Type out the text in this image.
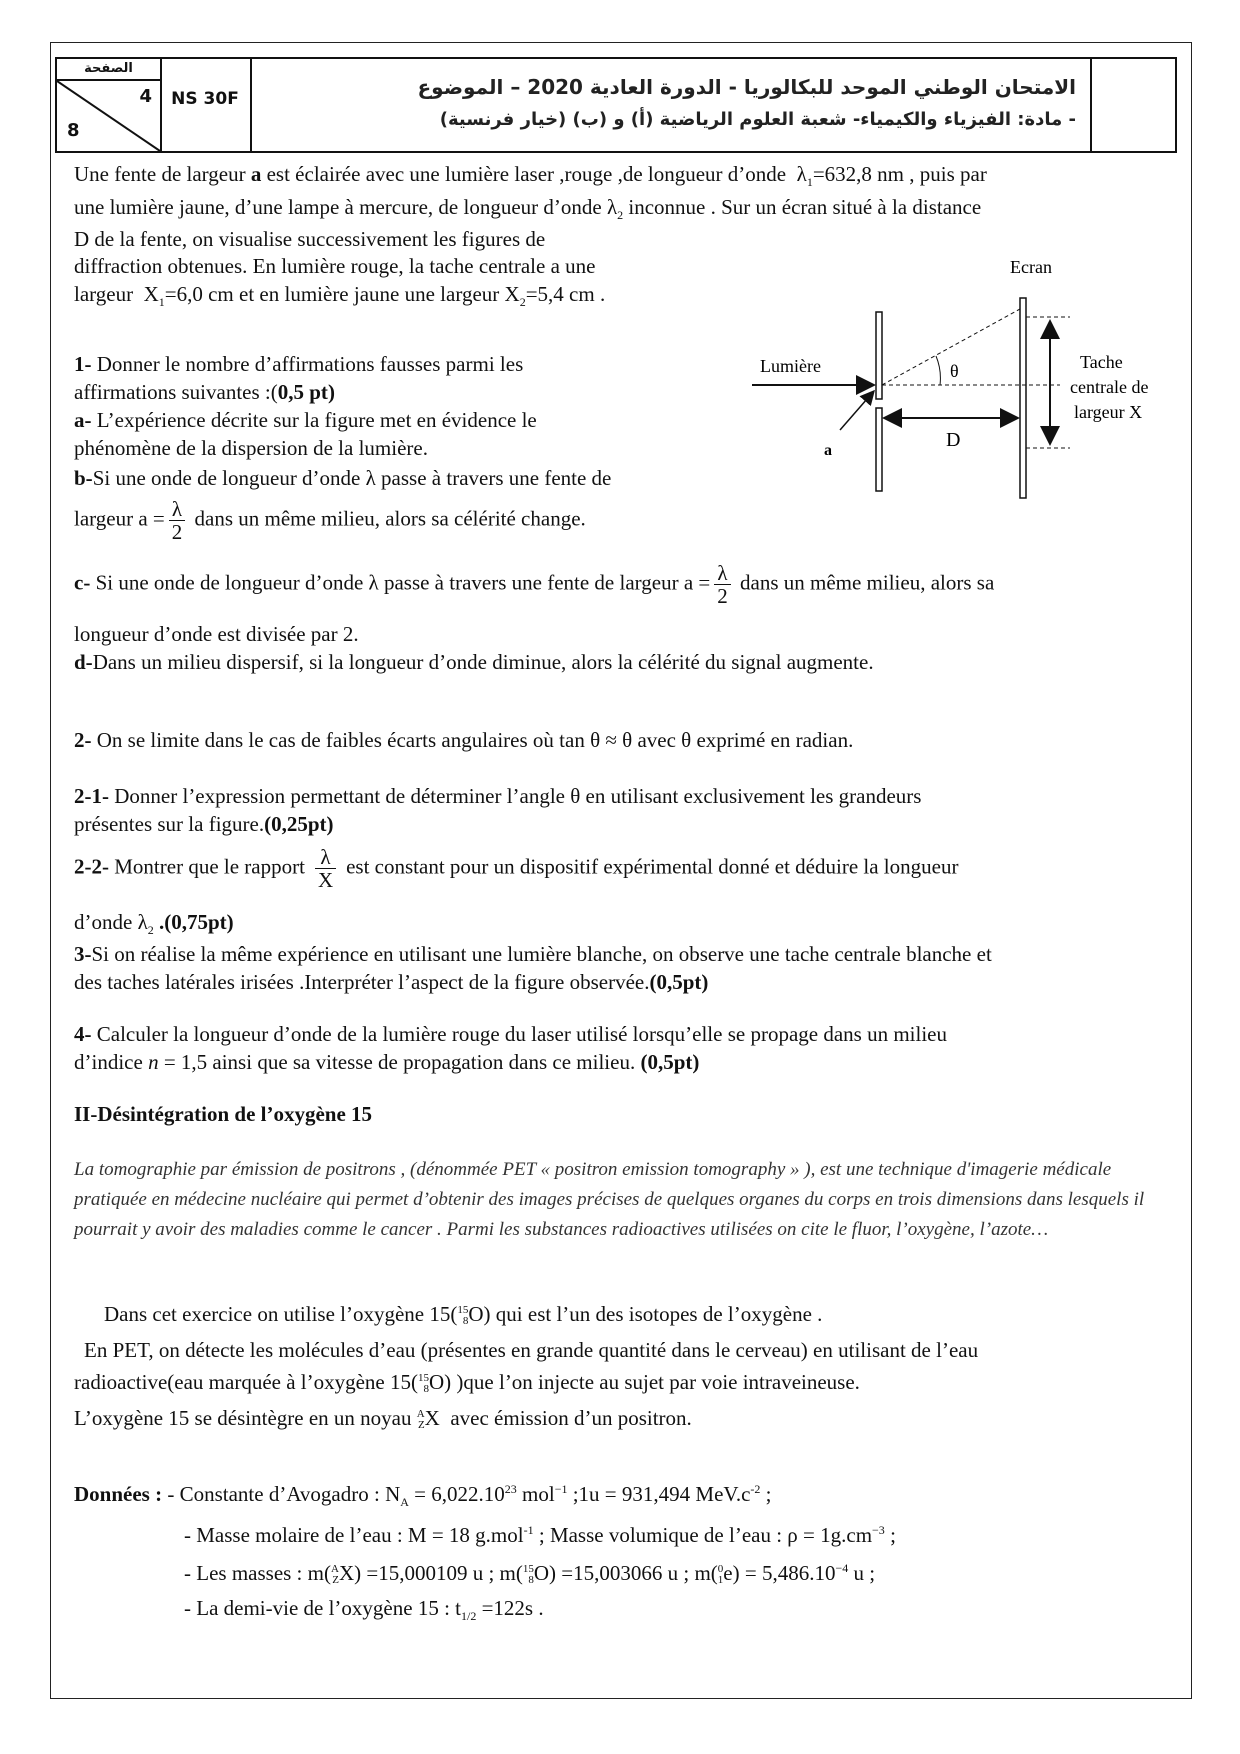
الصفحة
4
8
NS 30F	الامتحان الوطني الموحد للبكالوريا - الدورة العادية 2020 – الموضوع
- مادة: الفيزياء والكيمياء- شعبة العلوم الرياضية (أ) و (ب) (خيار فرنسية)
Une fente de largeur a est éclairée avec une lumière laser ,rouge ,de longueur d’onde $\lambda_1=632,8$ nm , puis par
une lumière jaune, d’une lampe à mercure, de longueur d’onde $\lambda_2$ inconnue . Sur un écran situé à la distance
D de la fente, on visualise successivement les figures de
diffraction obtenues. En lumière rouge, la tache centrale a une
largeur $X_1=6,0$ cm et en lumière jaune une largeur $X_2=5,4$ cm .
Ecran
Lumière	θ	Tache
centrale de
largeur X
D
a
1- Donner le nombre d’affirmations fausses parmi les
affirmations suivantes :(0,5 pt)
a- L’expérience décrite sur la figure met en évidence le
phénomène de la dispersion de la lumière.
b-Si une onde de longueur d’onde λ passe à travers une fente de
largeur $a = \frac{\lambda}{2}$ dans un même milieu, alors sa célérité change.
c- Si une onde de longueur d’onde λ passe à travers une fente de largeur $a = \frac{\lambda}{2}$ dans un même milieu, alors sa
longueur d’onde est divisée par 2.
d-Dans un milieu dispersif, si la longueur d’onde diminue, alors la célérité du signal augmente.
2- On se limite dans le cas de faibles écarts angulaires où tan θ ≈ θ avec θ exprimé en radian.
2-1- Donner l’expression permettant de déterminer l’angle θ en utilisant exclusivement les grandeurs
présentes sur la figure.(0,25pt)
2-2- Montrer que le rapport $\frac{\lambda}{X}$ est constant pour un dispositif expérimental donné et déduire la longueur
d’onde $\lambda_2$ .(0,75pt)
3-Si on réalise la même expérience en utilisant une lumière blanche, on observe une tache centrale blanche et
des taches latérales irisées .Interpréter l’aspect de la figure observée.(0,5pt)
4- Calculer la longueur d’onde de la lumière rouge du laser utilisé lorsqu’elle se propage dans un milieu
d’indice n = 1,5 ainsi que sa vitesse de propagation dans ce milieu. (0,5pt)
II-Désintégration de l’oxygène 15
La tomographie par émission de positrons , (dénommée PET « positron emission tomography » ), est une technique d'imagerie médicale pratiquée en médecine nucléaire qui permet d’obtenir des images précises de quelques organes du corps en trois dimensions dans lesquels il pourrait y avoir des maladies comme le cancer . Parmi les substances radioactives utilisées on cite le fluor, l’oxygène, l’azote…
Dans cet exercice on utilise l’oxygène 15( 15
8 O) qui est l’un des isotopes de l’oxygène .
En PET, on détecte les molécules d’eau (présentes en grande quantité dans le cerveau) en utilisant de l’eau
radioactive(eau marquée à l’oxygène 15( 15
8 O) )que l’on injecte au sujet par voie intraveineuse.
L’oxygène 15 se désintègre en un noyau A
Z X avec émission d’un positron.
Données : - Constante d’Avogadro : $N_A = 6,022.10^{23}$ mol$^{-1}$ ;1u = 931,494 $MeV.c^{-2}$ ;
- Masse molaire de l’eau : M = 18 g.mol$^{-1}$ ; Masse volumique de l’eau : $\rho = 1g.cm^{-3}$ ;
- Les masses : m( A
Z X) =15,000109 u ; m( 15
8 O) =15,003066 u ; m( 0
1 $e) = 5,486.10^{-4}$ u ;
- La demi-vie de l’oxygène 15 : $t_{1/2} =122s$ .
